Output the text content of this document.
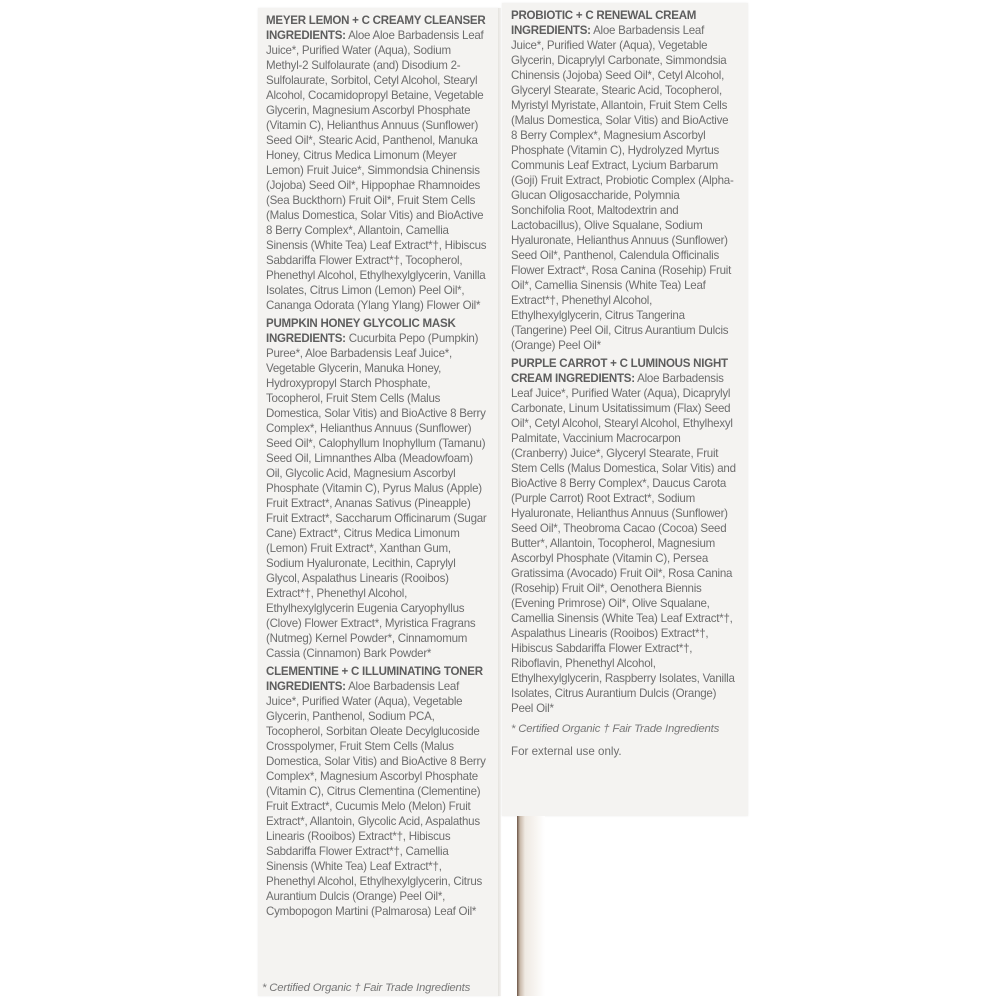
MEYER LEMON + C CREAMY CLEANSER INGREDIENTS: Aloe Aloe Barbadensis Leaf Juice*, Purified Water (Aqua), Sodium Methyl-2 Sulfolaurate (and) Disodium 2-Sulfolaurate, Sorbitol, Cetyl Alcohol, Stearyl Alcohol, Cocamidopropyl Betaine, Vegetable Glycerin, Magnesium Ascorbyl Phosphate (Vitamin C), Helianthus Annuus (Sunflower) Seed Oil*, Stearic Acid, Panthenol, Manuka Honey, Citrus Medica Limonum (Meyer Lemon) Fruit Juice*, Simmondsia Chinensis (Jojoba) Seed Oil*, Hippophae Rhamnoides (Sea Buckthorn) Fruit Oil*, Fruit Stem Cells (Malus Domestica, Solar Vitis) and BioActive 8 Berry Complex*, Allantoin, Camellia Sinensis (White Tea) Leaf Extract*†, Hibiscus Sabdariffa Flower Extract*†, Tocopherol, Phenethyl Alcohol, Ethylhexylglycerin, Vanilla Isolates, Citrus Limon (Lemon) Peel Oil*, Cananga Odorata (Ylang Ylang) Flower Oil*

PUMPKIN HONEY GLYCOLIC MASK INGREDIENTS: Cucurbita Pepo (Pumpkin) Puree*, Aloe Barbadensis Leaf Juice*, Vegetable Glycerin, Manuka Honey, Hydroxypropyl Starch Phosphate, Tocopherol, Fruit Stem Cells (Malus Domestica, Solar Vitis) and BioActive 8 Berry Complex*, Helianthus Annuus (Sunflower) Seed Oil*, Calophyllum Inophyllum (Tamanu) Seed Oil, Limnanthes Alba (Meadowfoam) Oil, Glycolic Acid, Magnesium Ascorbyl Phosphate (Vitamin C), Pyrus Malus (Apple) Fruit Extract*, Ananas Sativus (Pineapple) Fruit Extract*, Saccharum Officinarum (Sugar Cane) Extract*, Citrus Medica Limonum (Lemon) Fruit Extract*, Xanthan Gum, Sodium Hyaluronate, Lecithin, Caprylyl Glycol, Aspalathus Linearis (Rooibos) Extract*†, Phenethyl Alcohol, Ethylhexylglycerin Eugenia Caryophyllus (Clove) Flower Extract*, Myristica Fragrans (Nutmeg) Kernel Powder*, Cinnamomum Cassia (Cinnamon) Bark Powder*

CLEMENTINE + C ILLUMINATING TONER INGREDIENTS: Aloe Barbadensis Leaf Juice*, Purified Water (Aqua), Vegetable Glycerin, Panthenol, Sodium PCA, Tocopherol, Sorbitan Oleate Decylglucoside Crosspolymer, Fruit Stem Cells (Malus Domestica, Solar Vitis) and BioActive 8 Berry Complex*, Magnesium Ascorbyl Phosphate (Vitamin C), Citrus Clementina (Clementine) Fruit Extract*, Cucumis Melo (Melon) Fruit Extract*, Allantoin, Glycolic Acid, Aspalathus Linearis (Rooibos) Extract*†, Hibiscus Sabdariffa Flower Extract*†, Camellia Sinensis (White Tea) Leaf Extract*†, Phenethyl Alcohol, Ethylhexylglycerin, Citrus Aurantium Dulcis (Orange) Peel Oil*, Cymbopogon Martini (Palmarosa) Leaf Oil*

* Certified Organic † Fair Trade Ingredients

PROBIOTIC + C RENEWAL CREAM INGREDIENTS: Aloe Barbadensis Leaf Juice*, Purified Water (Aqua), Vegetable Glycerin, Dicaprylyl Carbonate, Simmondsia Chinensis (Jojoba) Seed Oil*, Cetyl Alcohol, Glyceryl Stearate, Stearic Acid, Tocopherol, Myristyl Myristate, Allantoin, Fruit Stem Cells (Malus Domestica, Solar Vitis) and BioActive 8 Berry Complex*, Magnesium Ascorbyl Phosphate (Vitamin C), Hydrolyzed Myrtus Communis Leaf Extract, Lycium Barbarum (Goji) Fruit Extract, Probiotic Complex (Alpha-Glucan Oligosaccharide, Polymnia Sonchifolia Root, Maltodextrin and Lactobacillus), Olive Squalane, Sodium Hyaluronate, Helianthus Annuus (Sunflower) Seed Oil*, Panthenol, Calendula Officinalis Flower Extract*, Rosa Canina (Rosehip) Fruit Oil*, Camellia Sinensis (White Tea) Leaf Extract*†, Phenethyl Alcohol, Ethylhexylglycerin, Citrus Tangerina (Tangerine) Peel Oil, Citrus Aurantium Dulcis (Orange) Peel Oil*

PURPLE CARROT + C LUMINOUS NIGHT CREAM INGREDIENTS: Aloe Barbadensis Leaf Juice*, Purified Water (Aqua), Dicaprylyl Carbonate, Linum Usitatissimum (Flax) Seed Oil*, Cetyl Alcohol, Stearyl Alcohol, Ethylhexyl Palmitate, Vaccinium Macrocarpon (Cranberry) Juice*, Glyceryl Stearate, Fruit Stem Cells (Malus Domestica, Solar Vitis) and BioActive 8 Berry Complex*, Daucus Carota (Purple Carrot) Root Extract*, Sodium Hyaluronate, Helianthus Annuus (Sunflower) Seed Oil*, Theobroma Cacao (Cocoa) Seed Butter*, Allantoin, Tocopherol, Magnesium Ascorbyl Phosphate (Vitamin C), Persea Gratissima (Avocado) Fruit Oil*, Rosa Canina (Rosehip) Fruit Oil*, Oenothera Biennis (Evening Primrose) Oil*, Olive Squalane, Camellia Sinensis (White Tea) Leaf Extract*†, Aspalathus Linearis (Rooibos) Extract*†, Hibiscus Sabdariffa Flower Extract*†, Riboflavin, Phenethyl Alcohol, Ethylhexylglycerin, Raspberry Isolates, Vanilla Isolates, Citrus Aurantium Dulcis (Orange) Peel Oil*

* Certified Organic † Fair Trade Ingredients
For external use only.
